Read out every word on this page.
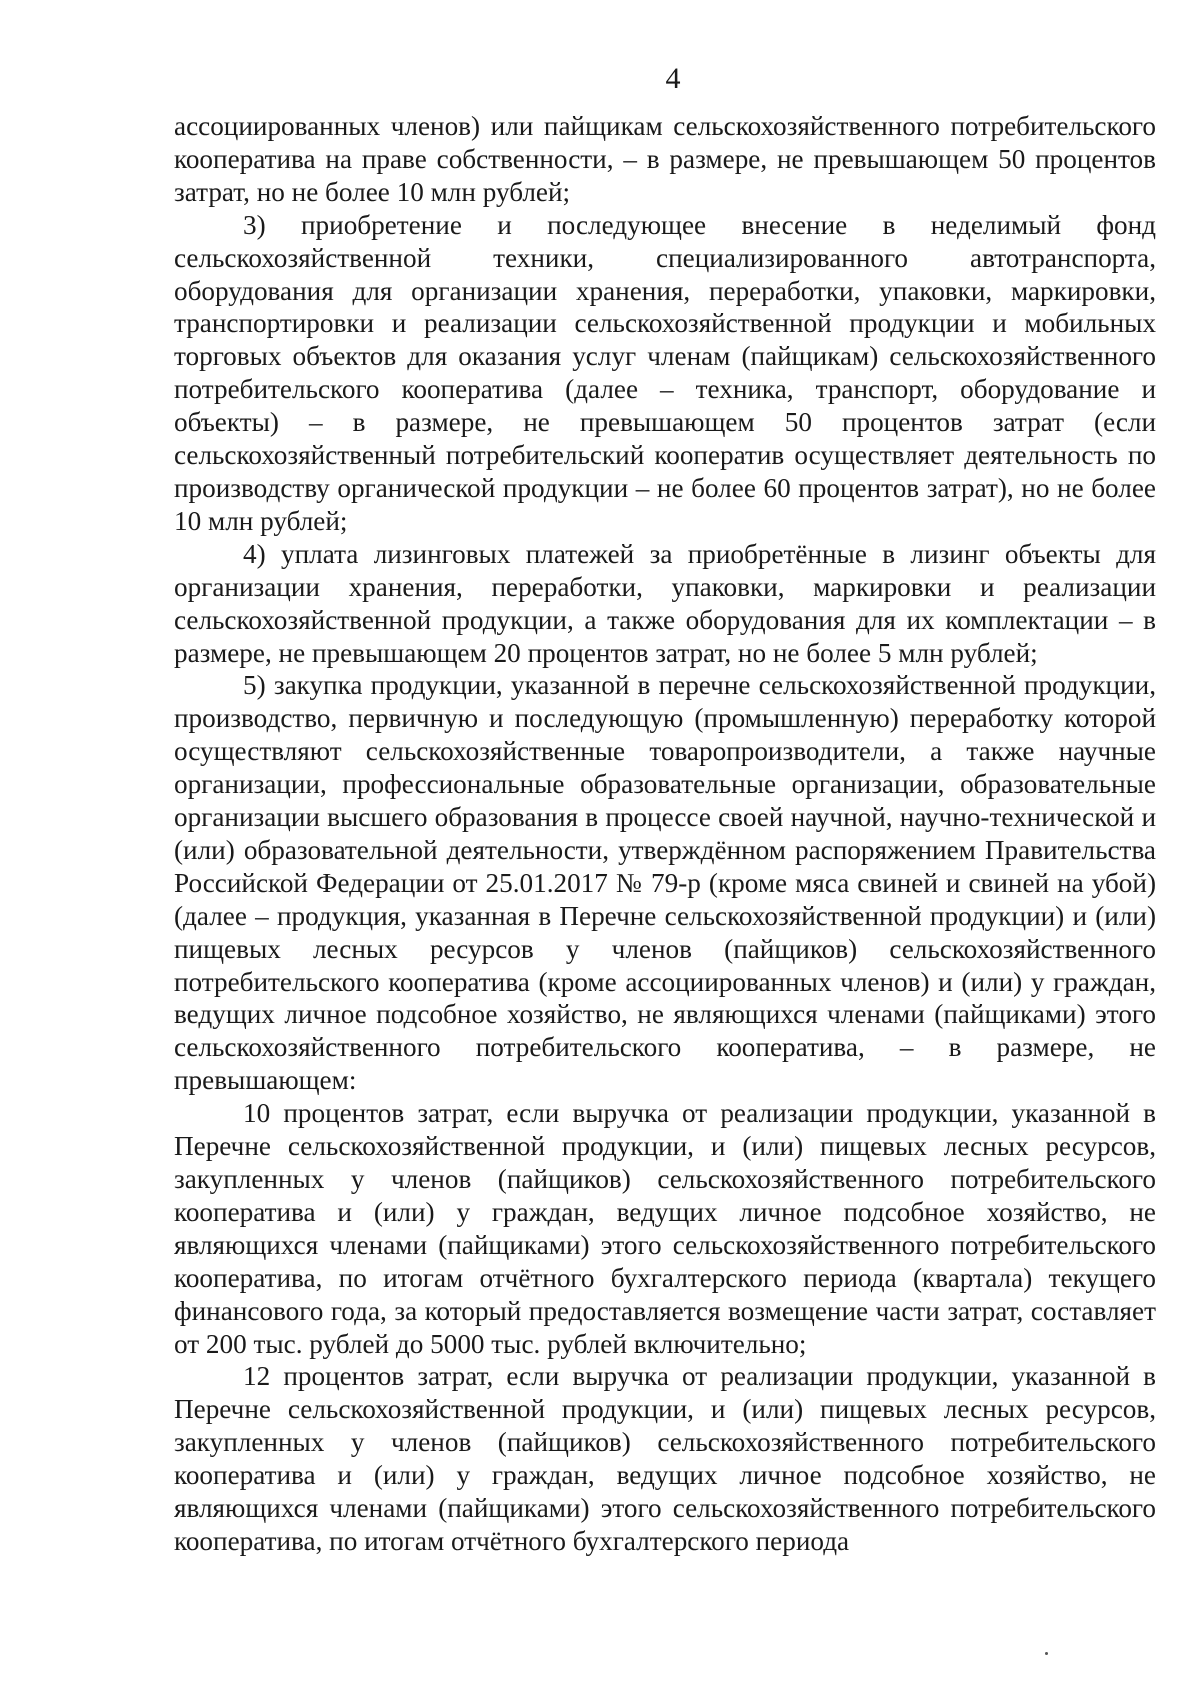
4

ассоциированных членов) или пайщикам сельскохозяйственного потребительского кооператива на праве собственности, – в размере, не превышающем 50 процентов затрат, но не более 10 млн рублей;

3) приобретение и последующее внесение в неделимый фонд сельскохозяйственной техники, специализированного автотранспорта, оборудования для организации хранения, переработки, упаковки, маркировки, транспортировки и реализации сельскохозяйственной продукции и мобильных торговых объектов для оказания услуг членам (пайщикам) сельскохозяйственного потребительского кооператива (далее – техника, транспорт, оборудование и объекты) – в размере, не превышающем 50 процентов затрат (если сельскохозяйственный потребительский кооператив осуществляет деятельность по производству органической продукции – не более 60 процентов затрат), но не более 10 млн рублей;

4) уплата лизинговых платежей за приобретённые в лизинг объекты для организации хранения, переработки, упаковки, маркировки и реализации сельскохозяйственной продукции, а также оборудования для их комплектации – в размере, не превышающем 20 процентов затрат, но не более 5 млн рублей;

5) закупка продукции, указанной в перечне сельскохозяйственной продукции, производство, первичную и последующую (промышленную) переработку которой осуществляют сельскохозяйственные товаропроизводители, а также научные организации, профессиональные образовательные организации, образовательные организации высшего образования в процессе своей научной, научно-технической и (или) образовательной деятельности, утверждённом распоряжением Правительства Российской Федерации от 25.01.2017 № 79-р (кроме мяса свиней и свиней на убой) (далее – продукция, указанная в Перечне сельскохозяйственной продукции) и (или) пищевых лесных ресурсов у членов (пайщиков) сельскохозяйственного потребительского кооператива (кроме ассоциированных членов) и (или) у граждан, ведущих личное подсобное хозяйство, не являющихся членами (пайщиками) этого сельскохозяйственного потребительского кооператива, – в размере, не превышающем:

10 процентов затрат, если выручка от реализации продукции, указанной в Перечне сельскохозяйственной продукции, и (или) пищевых лесных ресурсов, закупленных у членов (пайщиков) сельскохозяйственного потребительского кооператива и (или) у граждан, ведущих личное подсобное хозяйство, не являющихся членами (пайщиками) этого сельскохозяйственного потребительского кооператива, по итогам отчётного бухгалтерского периода (квартала) текущего финансового года, за который предоставляется возмещение части затрат, составляет от 200 тыс. рублей до 5000 тыс. рублей включительно;

12 процентов затрат, если выручка от реализации продукции, указанной в Перечне сельскохозяйственной продукции, и (или) пищевых лесных ресурсов, закупленных у членов (пайщиков) сельскохозяйственного потребительского кооператива и (или) у граждан, ведущих личное подсобное хозяйство, не являющихся членами (пайщиками) этого сельскохозяйственного потребительского кооператива, по итогам отчётного бухгалтерского периода
